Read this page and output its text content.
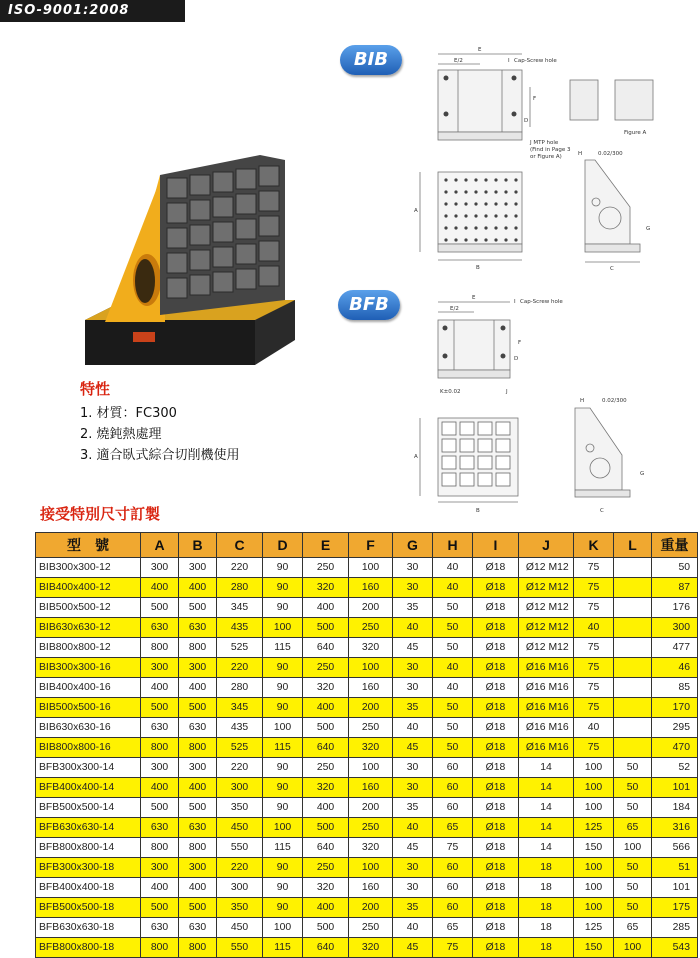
ISO-9001:2008
BIB
BFB
E
E/2	I Cap-Screw hole
F
D
Figure A
J MTP hole
(Find in Page 3
or Figure A)	H	0.02/300
A
B	C
G
E
E/2
I Cap-Screw hole
F
D
K±0.02	J
H	0.02/300
A
B	C
G
特性
1. 材質：FC300
2. 燒鈍熱處理
3. 適合臥式綜合切削機使用
接受特別尺寸訂製
型　號	A	B	C	D	E	F	G	H	I	J	K	L	重量
BIB300x300-12	300	300	220	90	250	100	30	40	Ø18	Ø12 M12	75		50
BIB400x400-12	400	400	280	90	320	160	30	40	Ø18	Ø12 M12	75		87
BIB500x500-12	500	500	345	90	400	200	35	50	Ø18	Ø12 M12	75		176
BIB630x630-12	630	630	435	100	500	250	40	50	Ø18	Ø12 M12	40		300
BIB800x800-12	800	800	525	115	640	320	45	50	Ø18	Ø12 M12	75		477
BIB300x300-16	300	300	220	90	250	100	30	40	Ø18	Ø16 M16	75		46
BIB400x400-16	400	400	280	90	320	160	30	40	Ø18	Ø16 M16	75		85
BIB500x500-16	500	500	345	90	400	200	35	50	Ø18	Ø16 M16	75		170
BIB630x630-16	630	630	435	100	500	250	40	50	Ø18	Ø16 M16	40		295
BIB800x800-16	800	800	525	115	640	320	45	50	Ø18	Ø16 M16	75		470
BFB300x300-14	300	300	220	90	250	100	30	60	Ø18	14	100	50	52
BFB400x400-14	400	400	300	90	320	160	30	60	Ø18	14	100	50	101
BFB500x500-14	500	500	350	90	400	200	35	60	Ø18	14	100	50	184
BFB630x630-14	630	630	450	100	500	250	40	65	Ø18	14	125	65	316
BFB800x800-14	800	800	550	115	640	320	45	75	Ø18	14	150	100	566
BFB300x300-18	300	300	220	90	250	100	30	60	Ø18	18	100	50	51
BFB400x400-18	400	400	300	90	320	160	30	60	Ø18	18	100	50	101
BFB500x500-18	500	500	350	90	400	200	35	60	Ø18	18	100	50	175
BFB630x630-18	630	630	450	100	500	250	40	65	Ø18	18	125	65	285
BFB800x800-18	800	800	550	115	640	320	45	75	Ø18	18	150	100	543
